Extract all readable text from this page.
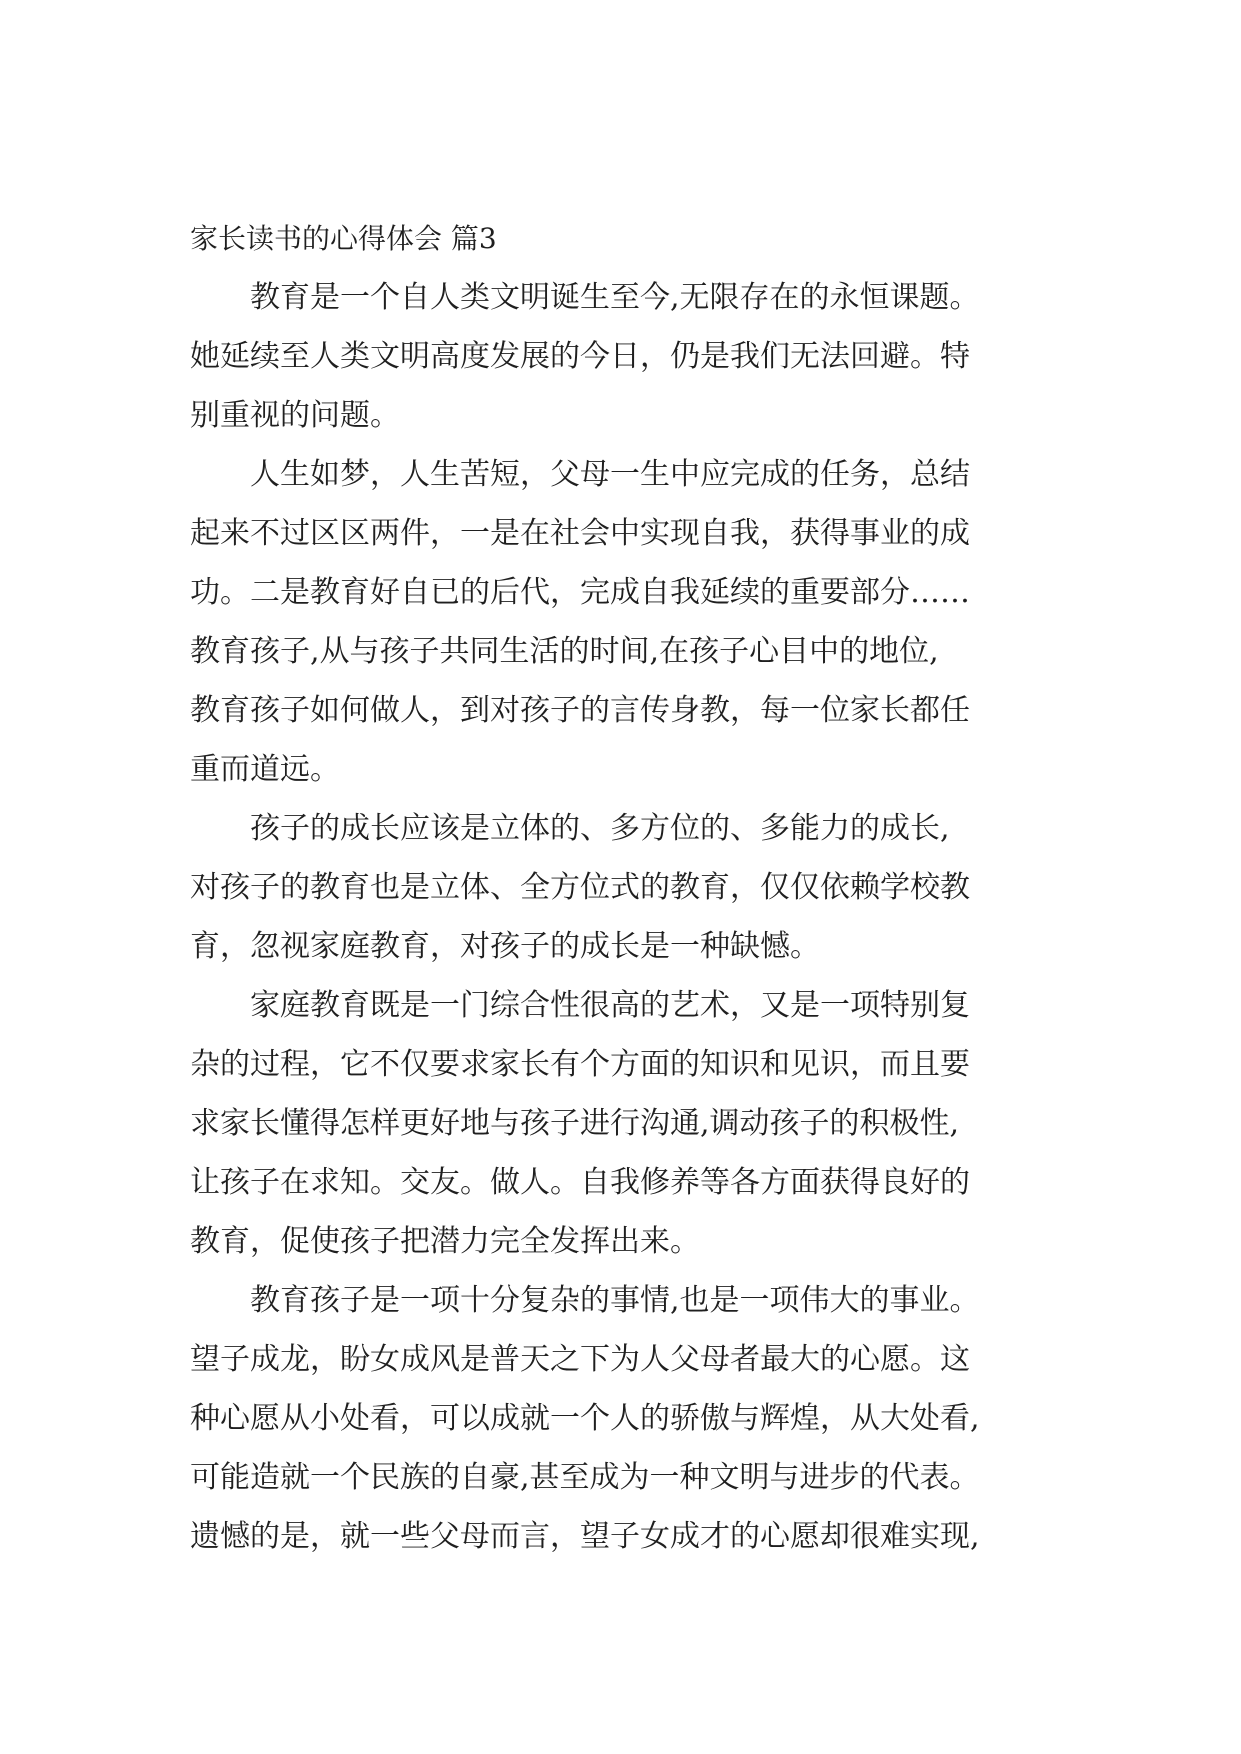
家长读书的心得体会 篇3
教育是一个自人类文明诞生至今,无限存在的永恒课题。
她延续至人类文明高度发展的今日，仍是我们无法回避。特
别重视的问题。
人生如梦，人生苦短，父母一生中应完成的任务，总结
起来不过区区两件，一是在社会中实现自我，获得事业的成
功。二是教育好自已的后代，完成自我延续的重要部分……
教育孩子,从与孩子共同生活的时间,在孩子心目中的地位,
教育孩子如何做人，到对孩子的言传身教，每一位家长都任
重而道远。
孩子的成长应该是立体的、多方位的、多能力的成长,
对孩子的教育也是立体、全方位式的教育，仅仅依赖学校教
育，忽视家庭教育，对孩子的成长是一种缺憾。
家庭教育既是一门综合性很高的艺术，又是一项特别复
杂的过程，它不仅要求家长有个方面的知识和见识，而且要
求家长懂得怎样更好地与孩子进行沟通,调动孩子的积极性,
让孩子在求知。交友。做人。自我修养等各方面获得良好的
教育，促使孩子把潜力完全发挥出来。
教育孩子是一项十分复杂的事情,也是一项伟大的事业。
望子成龙，盼女成风是普天之下为人父母者最大的心愿。这
种心愿从小处看，可以成就一个人的骄傲与辉煌，从大处看,
可能造就一个民族的自豪,甚至成为一种文明与进步的代表。
遗憾的是，就一些父母而言，望子女成才的心愿却很难实现,
